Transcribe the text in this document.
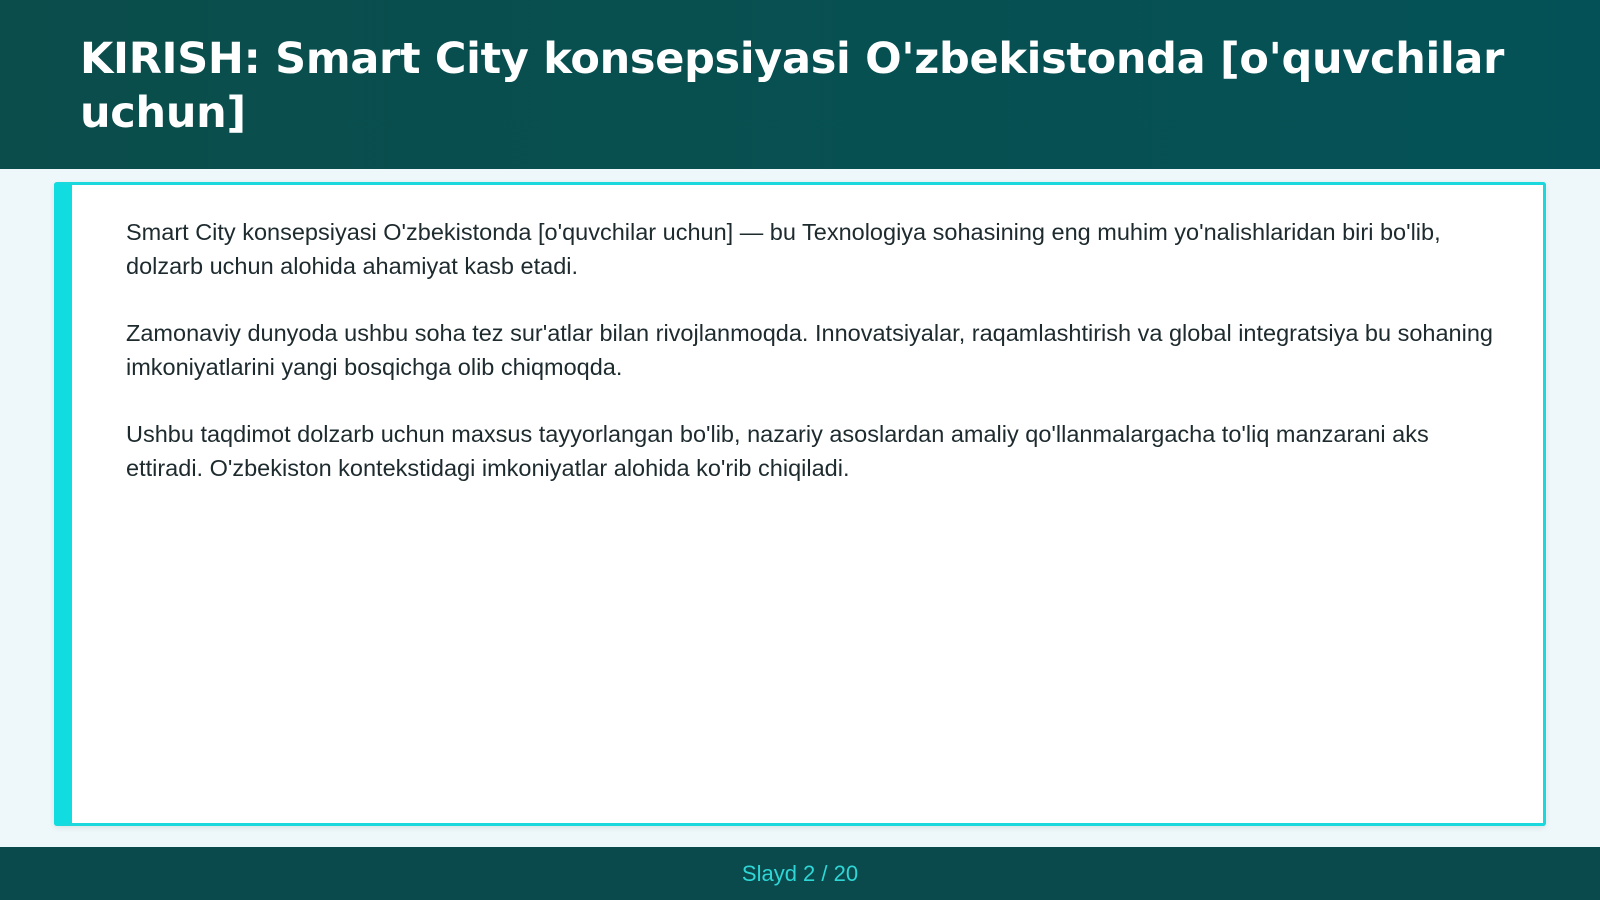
KIRISH: Smart City konsepsiyasi O'zbekistonda [o'quvchilar uchun]

Smart City konsepsiyasi O'zbekistonda [o'quvchilar uchun] — bu Texnologiya sohasining eng muhim yo'nalishlaridan biri bo'lib, dolzarb uchun alohida ahamiyat kasb etadi.

Zamonaviy dunyoda ushbu soha tez sur'atlar bilan rivojlanmoqda. Innovatsiyalar, raqamlashtirish va global integratsiya bu sohaning imkoniyatlarini yangi bosqichga olib chiqmoqda.

Ushbu taqdimot dolzarb uchun maxsus tayyorlangan bo'lib, nazariy asoslardan amaliy qo'llanmalargacha to'liq manzarani aks ettiradi. O'zbekiston kontekstidagi imkoniyatlar alohida ko'rib chiqiladi.

Slayd 2 / 20
